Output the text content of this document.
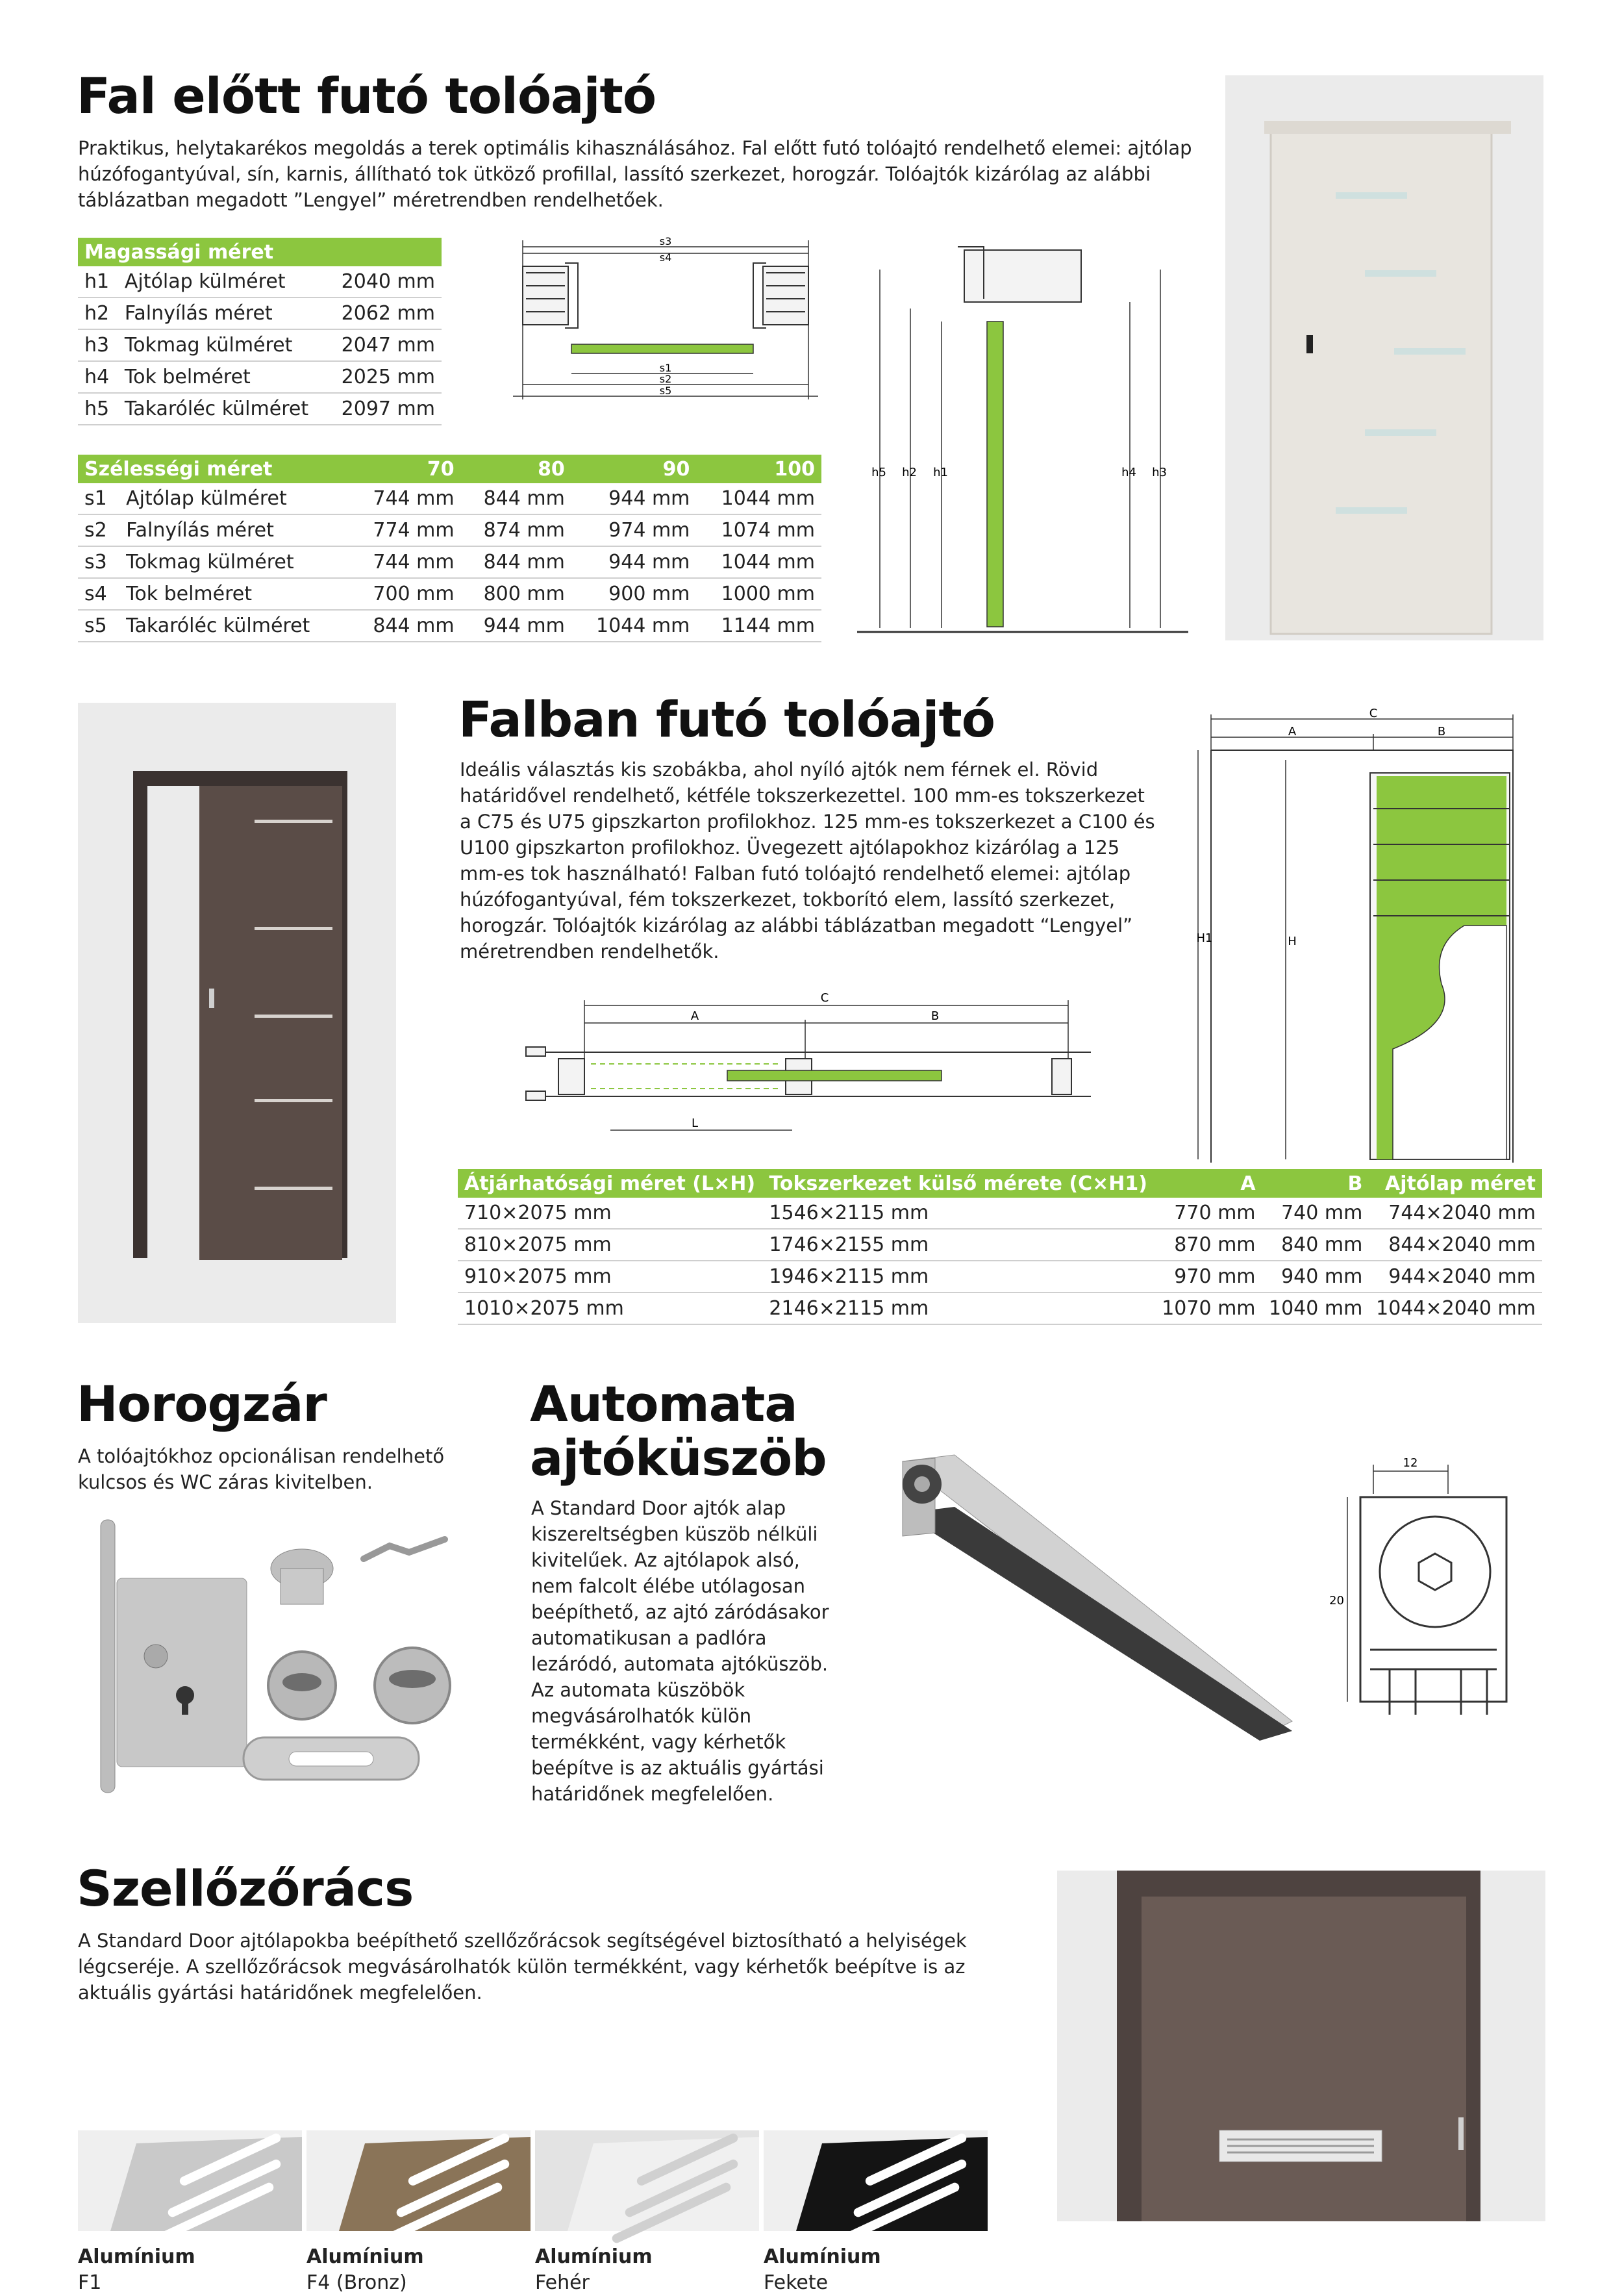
Fal előtt futó tolóajtó

Praktikus, helytakarékos megoldás a terek optimális kihasználásához. Fal előtt futó tolóajtó rendelhető elemei: ajtólap húzófogantyúval, sín, karnis, állítható tok ütköző profillal, lassító szerkezet, horogzár. Tolóajtók kizárólag az alábbi táblázatban megadott ”Lengyel” méretrendben rendelhetőek.

Magassági méret		
h1	Ajtólap külméret	2040 mm
h2	Falnyílás méret	2062 mm
h3	Tokmag külméret	2047 mm
h4	Tok belméret	2025 mm
h5	Takaróléc külméret	2097 mm
Szélességi méret		70	80	90	100
s1	Ajtólap külméret	744 mm	844 mm	944 mm	1044 mm
s2	Falnyílás méret	774 mm	874 mm	974 mm	1074 mm
s3	Tokmag külméret	744 mm	844 mm	944 mm	1044 mm
s4	Tok belméret	700 mm	800 mm	900 mm	1000 mm
s5	Takaróléc külméret	844 mm	944 mm	1044 mm	1144 mm
s3
s4
s1
s2
s5
h5 h2 h1	h4 h3
Falban futó tolóajtó

Ideális választás kis szobákba, ahol nyíló ajtók nem férnek el. Rövid határidővel rendelhető, kétféle tokszerkezettel. 100 mm-es tokszerkezet a C75 és U75 gipszkarton profilokhoz. 125 mm-es tokszerkezet a C100 és U100 gipszkarton profilokhoz. Üvegezett ajtólapokhoz kizárólag a 125 mm-es tok használható! Falban futó tolóajtó rendelhető elemei: ajtólap húzófogantyúval, fém tokszerkezet, tokborító elem, lassító szerkezet, horogzár. Tolóajtók kizárólag az alábbi táblázatban megadott “Lengyel” méretrendben rendelhetők.

A	B
C
L
H1	H
C
A	B
Átjárhatósági méret (L×H)	Tokszerkezet külső mérete (C×H1)	A	B	Ajtólap méret
710×2075 mm	1546×2115 mm	770 mm	740 mm	744×2040 mm
810×2075 mm	1746×2155 mm	870 mm	840 mm	844×2040 mm
910×2075 mm	1946×2115 mm	970 mm	940 mm	944×2040 mm
1010×2075 mm	2146×2115 mm	1070 mm	1040 mm	1044×2040 mm
Horogzár

A tolóajtókhoz opcionálisan rendelhető kulcsos és WC záras kivitelben.

Automata
ajtóküszöb

A Standard Door ajtók alap kiszereltségben küszöb nélküli kivitelűek. Az ajtólapok alsó, nem falcolt élébe utólagosan beépíthető, az ajtó záródásakor automatikusan a padlóra lezáródó, automata ajtóküszöb. Az automata küszöbök megvásárolhatók külön termékként, vagy kérhetők beépítve is az aktuális gyártási határidőnek megfelelően.

12
20
Szellőzőrács

A Standard Door ajtólapokba beépíthető szellőzőrácsok segítségével biztosítható a helyiségek légcseréje. A szellőzőrácsok megvásárolhatók külön termékként, vagy kérhetők beépítve is az aktuális gyártási határidőnek megfelelően.

Alumínium
F1
Alumínium
F4 (Bronz)
Alumínium
Fehér
Alumínium
Fekete
